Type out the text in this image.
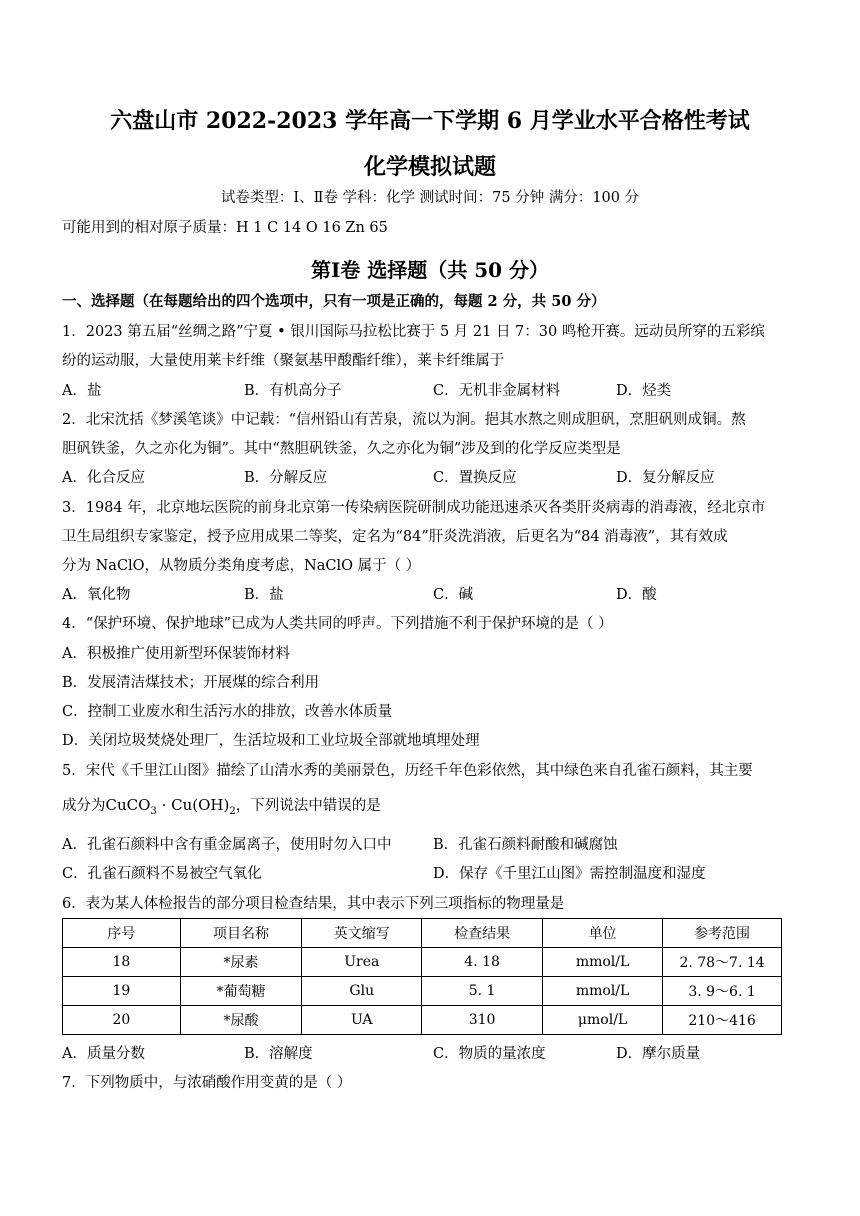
六盘山市 2022-2023 学年高一下学期 6 月学业水平合格性考试
化学模拟试题
试卷类型：Ⅰ、Ⅱ卷 学科：化学 测试时间：75 分钟 满分：100 分
可能用到的相对原子质量：H 1 C 14 O 16 Zn 65
第Ⅰ卷 选择题（共 50 分）
一、选择题（在每题给出的四个选项中，只有一项是正确的，每题 2 分，共 50 分）
1．2023 第五届“丝绸之路”宁夏 • 银川国际马拉松比赛于 5 月 21 日 7：30 鸣枪开赛。远动员所穿的五彩缤
纷的运动服，大量使用莱卡纤维（聚氨基甲酸酯纤维），莱卡纤维属于
A．盐	B．有机高分子	C．无机非金属材料	D．烃类
2．北宋沈括《梦溪笔谈》中记载：“信州铅山有苦泉，流以为涧。挹其水熬之则成胆矾，烹胆矾则成铜。熬
胆矾铁釜，久之亦化为铜”。其中“熬胆矾铁釜，久之亦化为铜”涉及到的化学反应类型是
A．化合反应	B．分解反应	C．置换反应	D．复分解反应
3．1984 年，北京地坛医院的前身北京第一传染病医院研制成功能迅速杀灭各类肝炎病毒的消毒液，经北京市
卫生局组织专家鉴定，授予应用成果二等奖，定名为“84”肝炎洗消液，后更名为“84 消毒液”，其有效成
分为 NaClO，从物质分类角度考虑，NaClO 属于（ ）
A．氧化物	B．盐	C．碱	D．酸
4．“保护环境、保护地球”已成为人类共同的呼声。下列措施不利于保护环境的是（ ）
A．积极推广使用新型环保装饰材料
B．发展清洁煤技术；开展煤的综合利用
C．控制工业废水和生活污水的排放，改善水体质量
D．关闭垃圾焚烧处理厂，生活垃圾和工业垃圾全部就地填埋处理
5．宋代《千里江山图》描绘了山清水秀的美丽景色，历经千年色彩依然，其中绿色来自孔雀石颜料，其主要
成分为CuCO$_3$ · $Cu(OH)_2$，下列说法中错误的是
A．孔雀石颜料中含有重金属离子，使用时勿入口中	B．孔雀石颜料耐酸和碱腐蚀
C．孔雀石颜料不易被空气氧化	D．保存《千里江山图》需控制温度和湿度
6．表为某人体检报告的部分项目检查结果，其中表示下列三项指标的物理量是
序号	项目名称	英文缩写	检查结果	单位	参考范围
18	*尿素	Urea	4. 18	mmol/L	2. 78～7. 14
19	*葡萄糖	Glu	5. 1	mmol/L	3. 9～6. 1
20	*尿酸	UA	310	μmol/L	210～416
A．质量分数	B．溶解度	C．物质的量浓度	D．摩尔质量
7．下列物质中，与浓硝酸作用变黄的是（ ）
